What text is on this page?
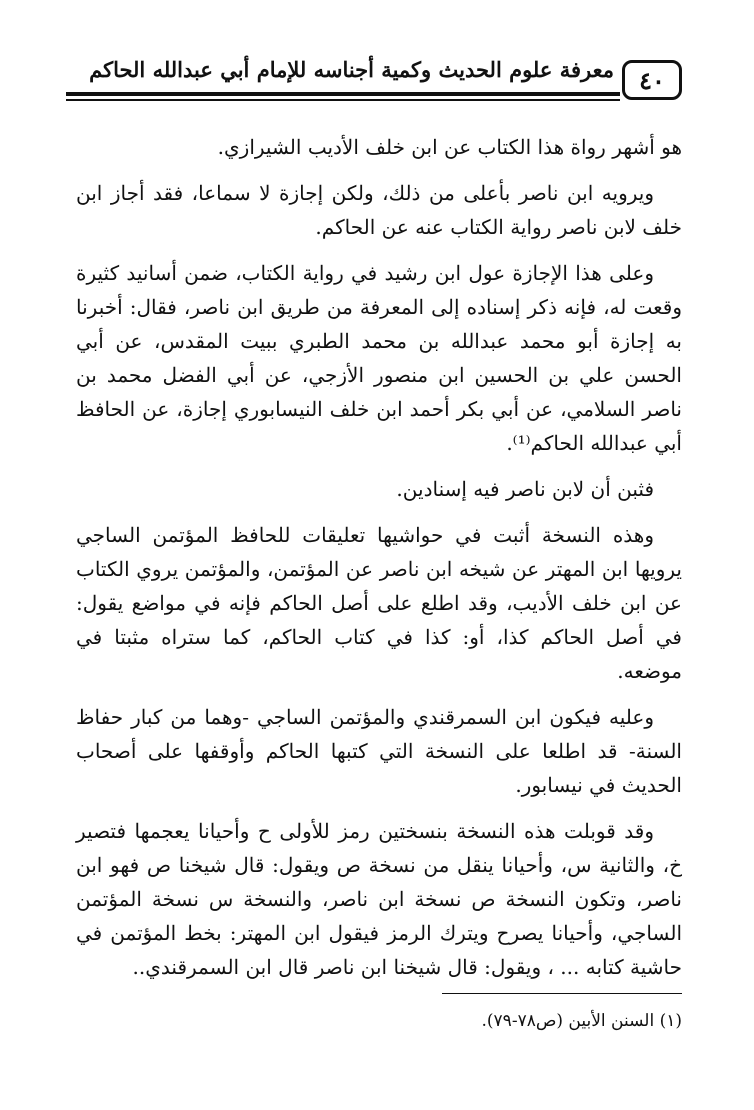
معرفة علوم الحديث وكمية أجناسه للإمام أبي عبدالله الحاكم	٤٠

هو أشهر رواة هذا الكتاب عن ابن خلف الأديب الشيرازي.

ويرويه ابن ناصر بأعلى من ذلك، ولكن إجازة لا سماعا، فقد أجاز ابن خلف لابن ناصر رواية الكتاب عنه عن الحاكم.

وعلى هذا الإجازة عول ابن رشيد في رواية الكتاب، ضمن أسانيد كثيرة وقعت له، فإنه ذكر إسناده إلى المعرفة من طريق ابن ناصر، فقال: أخبرنا به إجازة أبو محمد عبدالله بن محمد الطبري ببيت المقدس، عن أبي الحسن علي بن الحسين ابن منصور الأزجي، عن أبي الفضل محمد بن ناصر السلامي، عن أبي بكر أحمد ابن خلف النيسابوري إجازة، عن الحافظ أبي عبدالله الحاكم⁽¹⁾.

فثبن أن لابن ناصر فيه إسنادين.

وهذه النسخة أثبت في حواشيها تعليقات للحافظ المؤتمن الساجي يرويها ابن المهتر عن شيخه ابن ناصر عن المؤتمن، والمؤتمن يروي الكتاب عن ابن خلف الأديب، وقد اطلع على أصل الحاكم فإنه في مواضع يقول: في أصل الحاكم كذا، أو: كذا في كتاب الحاكم، كما ستراه مثبتا في موضعه.

وعليه فيكون ابن السمرقندي والمؤتمن الساجي -وهما من كبار حفاظ السنة- قد اطلعا على النسخة التي كتبها الحاكم وأوقفها على أصحاب الحديث في نيسابور.

وقد قوبلت هذه النسخة بنسختين رمز للأولى ح وأحيانا يعجمها فتصير خ، والثانية س، وأحيانا ينقل من نسخة ص ويقول: قال شيخنا ص فهو ابن ناصر، وتكون النسخة ص نسخة ابن ناصر، والنسخة س نسخة المؤتمن الساجي، وأحيانا يصرح ويترك الرمز فيقول ابن المهتر: بخط المؤتمن في حاشية كتابه ... ، ويقول: قال شيخنا ابن ناصر قال ابن السمرقندي..

(١) السنن الأبين (ص٧٨-٧٩).
